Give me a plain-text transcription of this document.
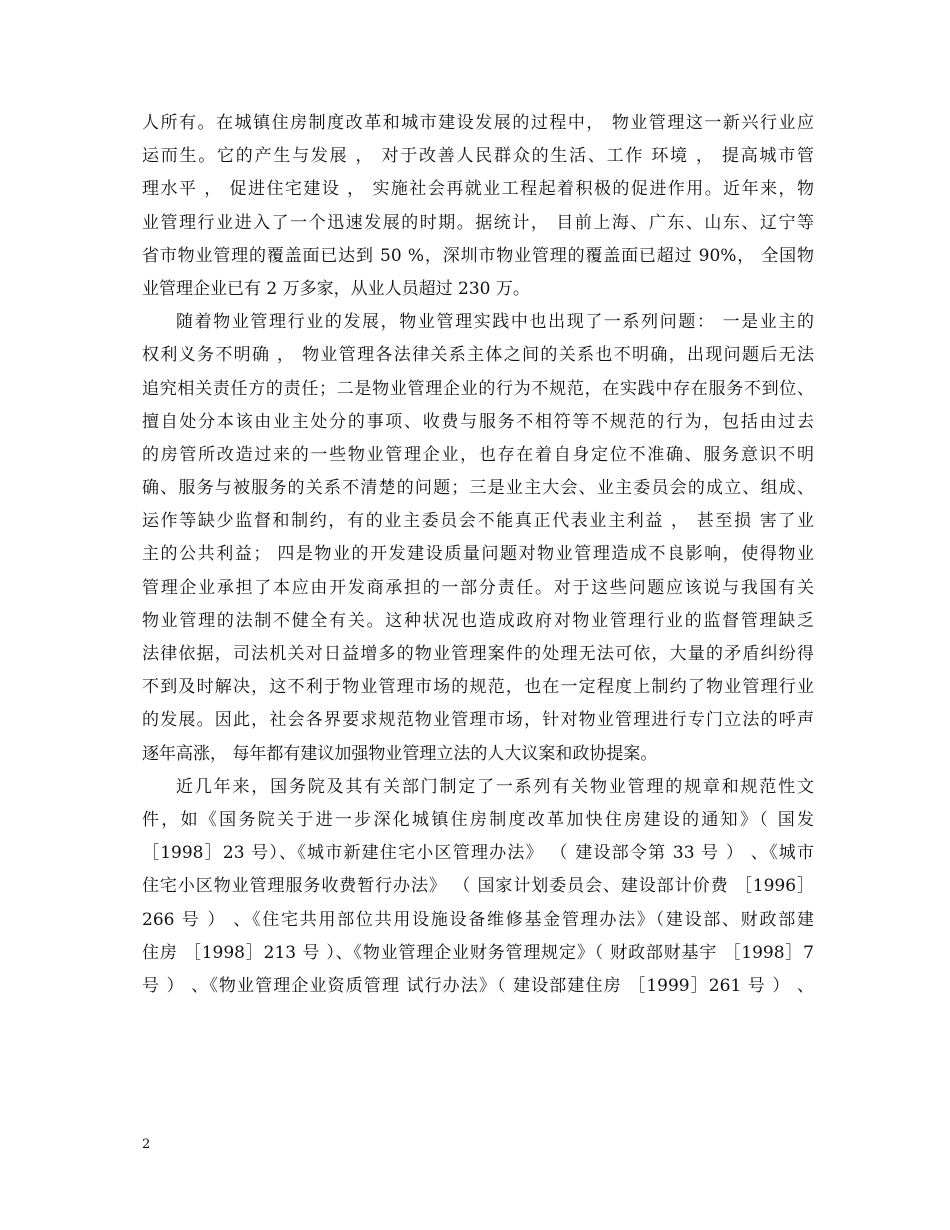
人所有。在城镇住房制度改革和城市建设发展的过程中， 物业管理这一新兴行业应
运而生。它的产生与发展 ， 对于改善人民群众的生活、工作 环境 ， 提高城市管
理水平 ， 促进住宅建设 ， 实施社会再就业工程起着积极的促进作用。近年来，物
业管理行业进入了一个迅速发展的时期。据统计， 目前上海、广东、山东、辽宁等
省市物业管理的覆盖面已达到 50 %，深圳市物业管理的覆盖面已超过 90%， 全国物
业管理企业已有 2 万多家，从业人员超过 230 万。
随着物业管理行业的发展，物业管理实践中也出现了一系列问题： 一是业主的
权利义务不明确 ， 物业管理各法律关系主体之间的关系也不明确，出现问题后无法
追究相关责任方的责任；二是物业管理企业的行为不规范，在实践中存在服务不到位、
擅自处分本该由业主处分的事项、收费与服务不相符等不规范的行为，包括由过去
的房管所改造过来的一些物业管理企业，也存在着自身定位不准确、服务意识不明
确、服务与被服务的关系不清楚的问题；三是业主大会、业主委员会的成立、组成、
运作等缺少监督和制约，有的业主委员会不能真正代表业主利益 ， 甚至损 害了业
主的公共利益； 四是物业的开发建设质量问题对物业管理造成不良影响，使得物业
管理企业承担了本应由开发商承担的一部分责任。对于这些问题应该说与我国有关
物业管理的法制不健全有关。这种状况也造成政府对物业管理行业的监督管理缺乏
法律依据，司法机关对日益增多的物业管理案件的处理无法可依，大量的矛盾纠纷得
不到及时解决，这不利于物业管理市场的规范，也在一定程度上制约了物业管理行业
的发展。因此，社会各界要求规范物业管理市场，针对物业管理进行专门立法的呼声
逐年高涨， 每年都有建议加强物业管理立法的人大议案和政协提案。
近几年来，国务院及其有关部门制定了一系列有关物业管理的规章和规范性文
件，如《国务院关于进一步深化城镇住房制度改革加快住房建设的通知》（ 国发
［1998］23 号）、《城市新建住宅小区管理办法》 （ 建设部令第 33 号 ） 、《城市
住宅小区物业管理服务收费暂行办法》 （ 国家计划委员会、建设部计价费 ［1996］
266 号 ） 、《住宅共用部位共用设施设备维修基金管理办法》（建设部、财政部建
住房 ［1998］213 号 ）、《物业管理企业财务管理规定》（ 财政部财基宇 ［1998］7
号 ） 、《物业管理企业资质管理 试行办法》（ 建设部建住房 ［1999］261 号 ） 、
2
